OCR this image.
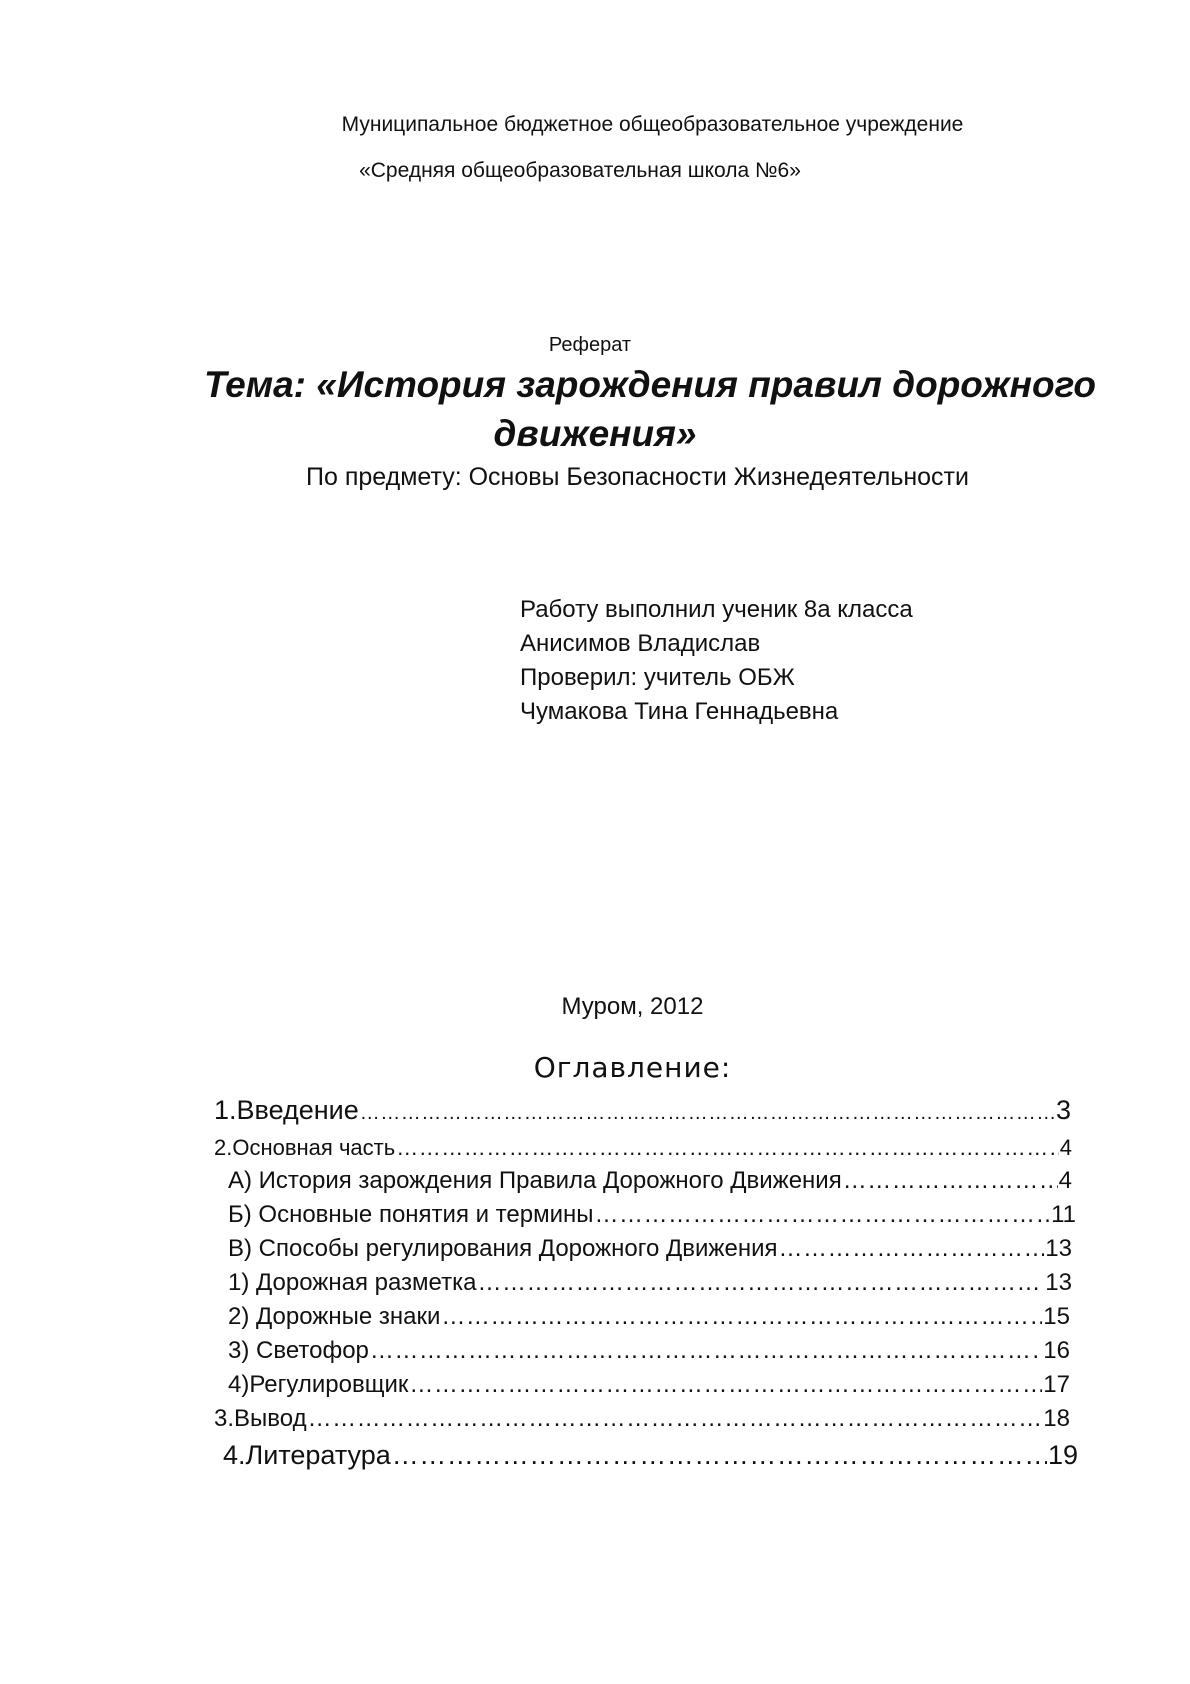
Муниципальное бюджетное общеобразовательное учреждение
«Средняя общеобразовательная школа №6»
Реферат
Тема: «История зарождения правил дорожного
движения»
По предмету: Основы Безопасности Жизнедеятельности
Работу выполнил ученик 8а класса
Анисимов Владислав
Проверил: учитель ОБЖ
Чумакова Тина Геннадьевна
Муром, 2012
Оглавление:
1.Введение ……………………………………………………………………………………………………………………………………………………………………………………………………	3
2.Основная часть ……………………………………………………………………………………………………………………………………………………………………………………………………	4
А) История зарождения Правила Дорожного Движения ……………………………………………………………………………………………………………………………………………………………………………………………………	4
Б) Основные понятия и термины ……………………………………………………………………………………………………………………………………………………………………………………………………	11
В) Способы регулирования Дорожного Движения ……………………………………………………………………………………………………………………………………………………………………………………………………	13
1) Дорожная разметка ……………………………………………………………………………………………………………………………………………………………………………………………………	13
2) Дорожные знаки ……………………………………………………………………………………………………………………………………………………………………………………………………	15
3) Светофор ……………………………………………………………………………………………………………………………………………………………………………………………………	16
4)Регулировщик ……………………………………………………………………………………………………………………………………………………………………………………………………	17
3.Вывод ……………………………………………………………………………………………………………………………………………………………………………………………………	18
4.Литература ……………………………………………………………………………………………………………………………………………………………………………………………………	19
